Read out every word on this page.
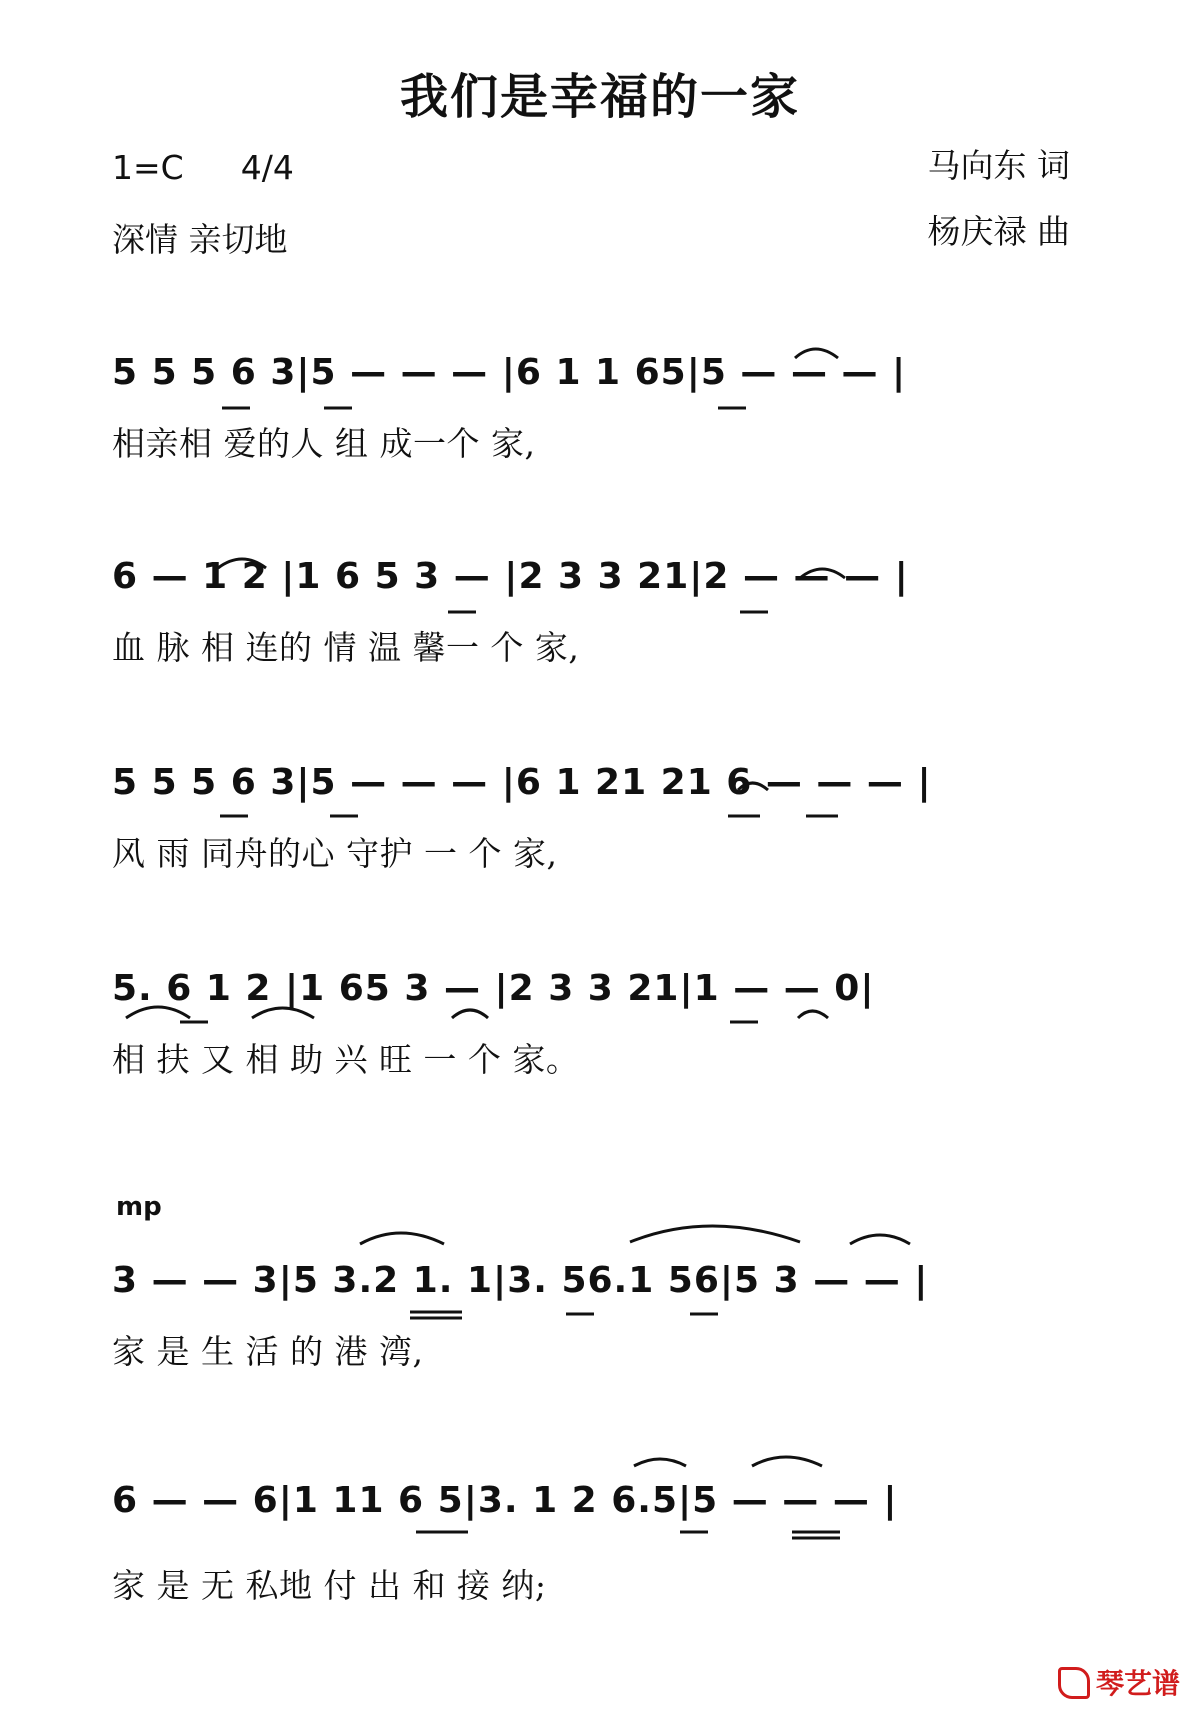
我们是幸福的一家
1=C 4/4
深情 亲切地
马向东 词
杨庆禄 曲
5 5 5 6 3|5 — — — |6 1 1 65|5 — — — |
相亲相 爱的人 组 成一个 家,
6 — 1 2 |1 6 5 3 — |2 3 3 21|2 — — — |
血 脉 相 连的 情 温 馨一 个 家,
5 5 5 6 3|5 — — — |6 1 21 21 6 — — — |
风 雨 同舟的心 守护 一 个 家,
5. 6 1 2 |1 65 3 — |2 3 3 21|1 — — 0|
相 扶 又 相 助 兴 旺 一 个 家。
mp
3 — — 3|5 3.2 1. 1|3. 56.1 56|5 3 — — |
家 是 生 活 的 港 湾,
6 — — 6|1 11 6 5|3. 1 2 6.5|5 — — — |
家 是 无 私地 付 出 和 接 纳;
琴艺谱
